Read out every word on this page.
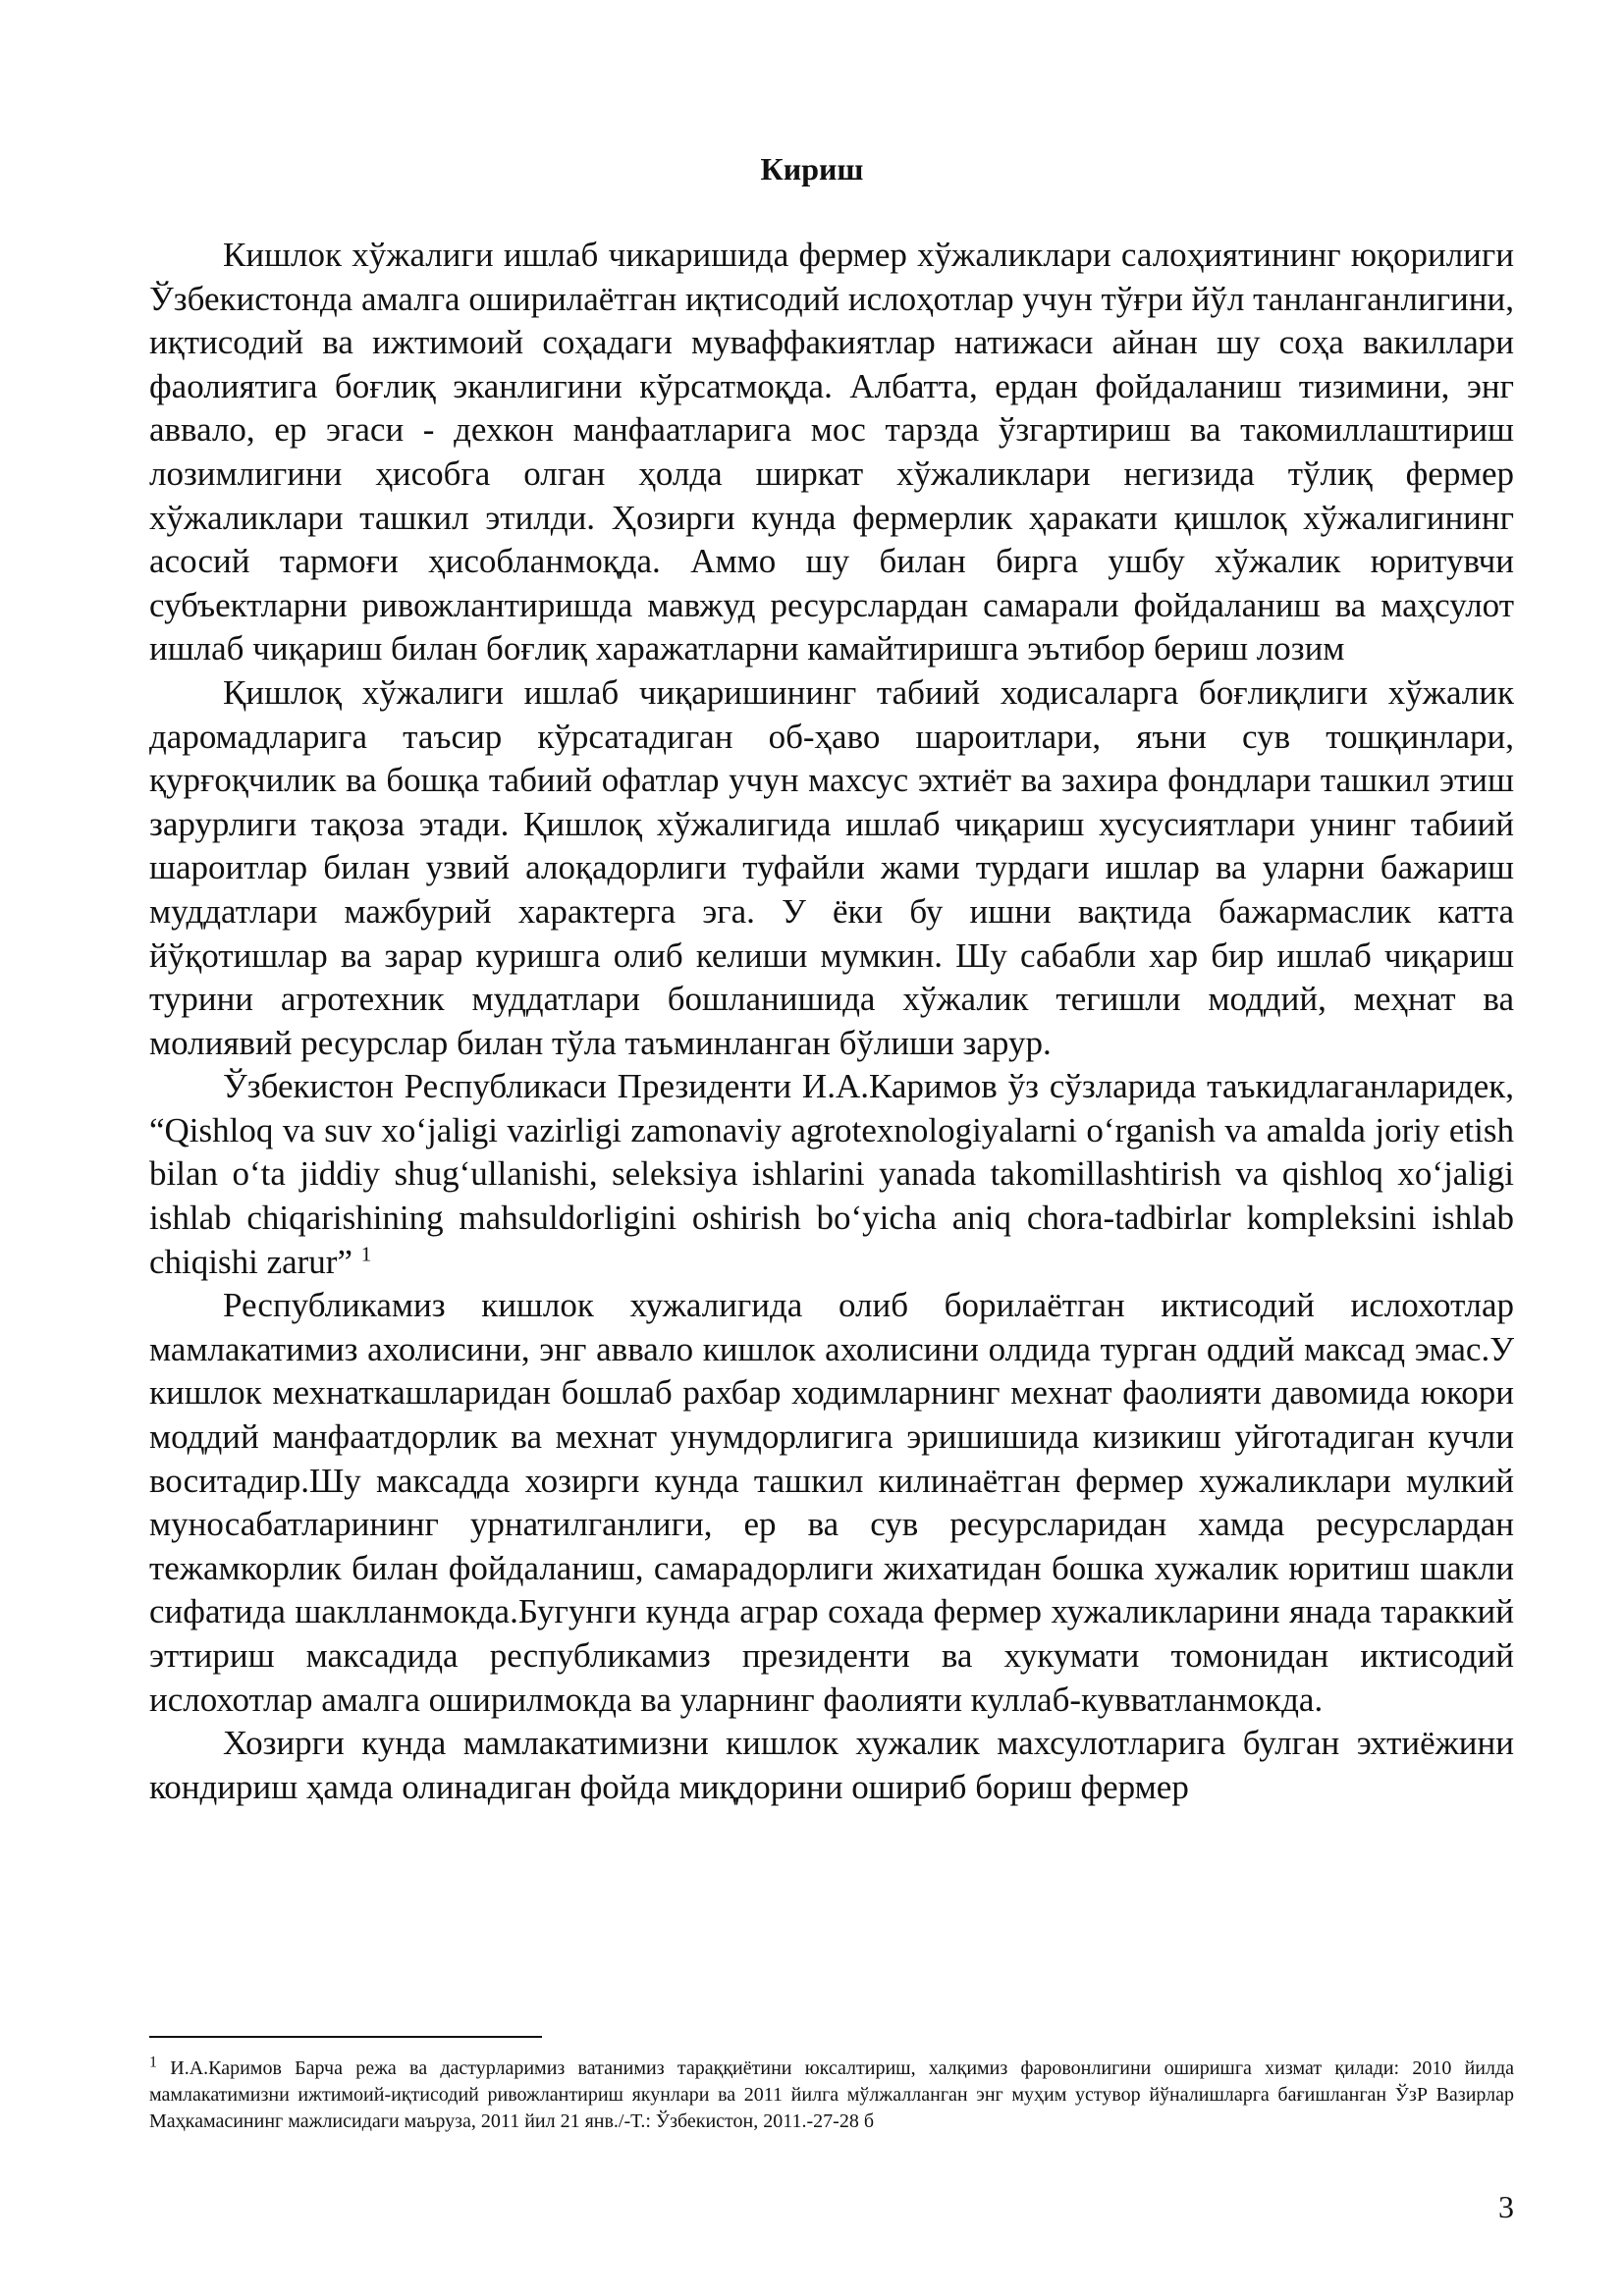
Кириш

Кишлок хўжалиги ишлаб чикаришида фермер хўжаликлари салоҳиятининг юқорилиги Ўзбекистонда амалга оширилаётган иқтисодий ислоҳотлар учун тўғри йўл танланганлигини, иқтисодий ва ижтимоий соҳадаги муваффакиятлар натижаси айнан шу соҳа вакиллари фаолиятига боғлиқ эканлигини кўрсатмоқда. Албатта, ердан фойдаланиш тизимини, энг аввало, ер эгаси - дехкон манфаатларига мос тарзда ўзгартириш ва такомиллаштириш лозимлигини ҳисобга олган ҳолда ширкат хўжаликлари негизида тўлиқ фермер хўжаликлари ташкил этилди. Ҳозирги кунда фермерлик ҳаракати қишлоқ хўжалигининг асосий тармоғи ҳисобланмоқда. Аммо шу билан бирга ушбу хўжалик юритувчи субъектларни ривожлантиришда мавжуд ресурслардан самарали фойдаланиш ва маҳсулот ишлаб чиқариш билан боғлиқ харажатларни камайтиришга эътибор бериш лозим

Қишлоқ хўжалиги ишлаб чиқаришининг табиий ходисаларга боғлиқлиги хўжалик даромадларига таъсир кўрсатадиган об-ҳаво шароитлари, яъни сув тошқинлари, қурғоқчилик ва бошқа табиий офатлар учун махсус эхтиёт ва захира фондлари ташкил этиш зарурлиги тақоза этади. Қишлоқ хўжалигида ишлаб чиқариш хусусиятлари унинг табиий шароитлар билан узвий алоқадорлиги туфайли жами турдаги ишлар ва уларни бажариш муддатлари мажбурий характерга эга. У ёки бу ишни вақтида бажармаслик катта йўқотишлар ва зарар куришга олиб келиши мумкин. Шу сабабли хар бир ишлаб чиқариш турини агротехник муддатлари бошланишида хўжалик тегишли моддий, меҳнат ва молиявий ресурслар билан тўла таъминланган бўлиши зарур.

Ўзбекистон Республикаси Президенти И.А.Каримов ўз сўзларида таъкидлаганларидек, “Qishloq va suv xoʻjaligi vazirligi zamonaviy agrotexnologiyalarni oʻrganish va amalda joriy etish bilan oʻta jiddiy shugʻullanishi, seleksiya ishlarini yanada takomillashtirish va qishloq xoʻjaligi ishlab chiqarishining mahsuldorligini oshirish boʻyicha aniq chora-tadbirlar kompleksini ishlab chiqishi zarur” $^1$

Республикамиз кишлок хужалигида олиб борилаётган иктисодий ислохотлар мамлакатимиз ахолисини, энг аввало кишлок ахолисини олдида турган оддий максад эмас.У кишлок мехнаткашларидан бошлаб рахбар ходимларнинг мехнат фаолияти давомида юкори моддий манфаатдорлик ва мехнат унумдорлигига эришишида кизикиш уйготадиган кучли воситадир.Шу максадда хозирги кунда ташкил килинаётган фермер хужаликлари мулкий муносабатларининг урнатилганлиги, ер ва сув ресурсларидан хамда ресурслардан тежамкорлик билан фойдаланиш, самарадорлиги жихатидан бошка хужалик юритиш шакли сифатида шаклланмокда.Бугунги кунда аграр сохада фермер хужаликларини янада тараккий эттириш максадида республикамиз президенти ва хукумати томонидан иктисодий ислохотлар амалга оширилмокда ва уларнинг фаолияти куллаб-кувватланмокда.

Хозирги кунда мамлакатимизни кишлок хужалик махсулотларига булган эхтиёжини кондириш ҳамда олинадиган фойда миқдорини ошириб бориш фермер

$^1$ И.А.Каримов Барча режа ва дастурларимиз ватанимиз тараққиётини юксалтириш, халқимиз фаровонлигини оширишга хизмат қилади: 2010 йилда мамлакатимизни ижтимоий-иқтисодий ривожлантириш якунлари ва 2011 йилга мўлжалланган энг муҳим устувор йўналишларга бағишланган ЎзР Вазирлар Маҳкамасининг мажлисидаги маъруза, 2011 йил 21 янв./-Т.: Ўзбекистон, 2011.-27-28 б
3
